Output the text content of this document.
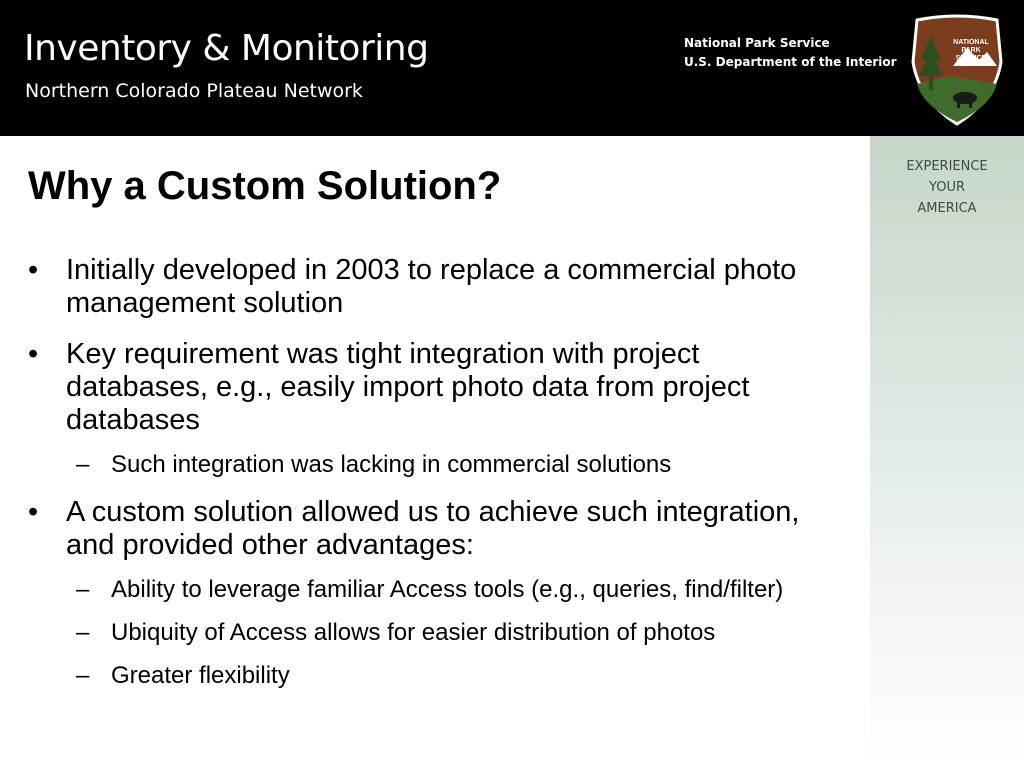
Inventory & Monitoring
Northern Colorado Plateau Network
National Park Service
U.S. Department of the Interior
NATIONAL
PARK
SERVICE
EXPERIENCE
YOUR
AMERICA
Why a Custom Solution?
• Initially developed in 2003 to replace a commercial photo management solution
• Key requirement was tight integration with project databases, e.g., easily import photo data from project databases
– Such integration was lacking in commercial solutions
• A custom solution allowed us to achieve such integration, and provided other advantages:
– Ability to leverage familiar Access tools (e.g., queries, find/filter)
– Ubiquity of Access allows for easier distribution of photos
– Greater flexibility
